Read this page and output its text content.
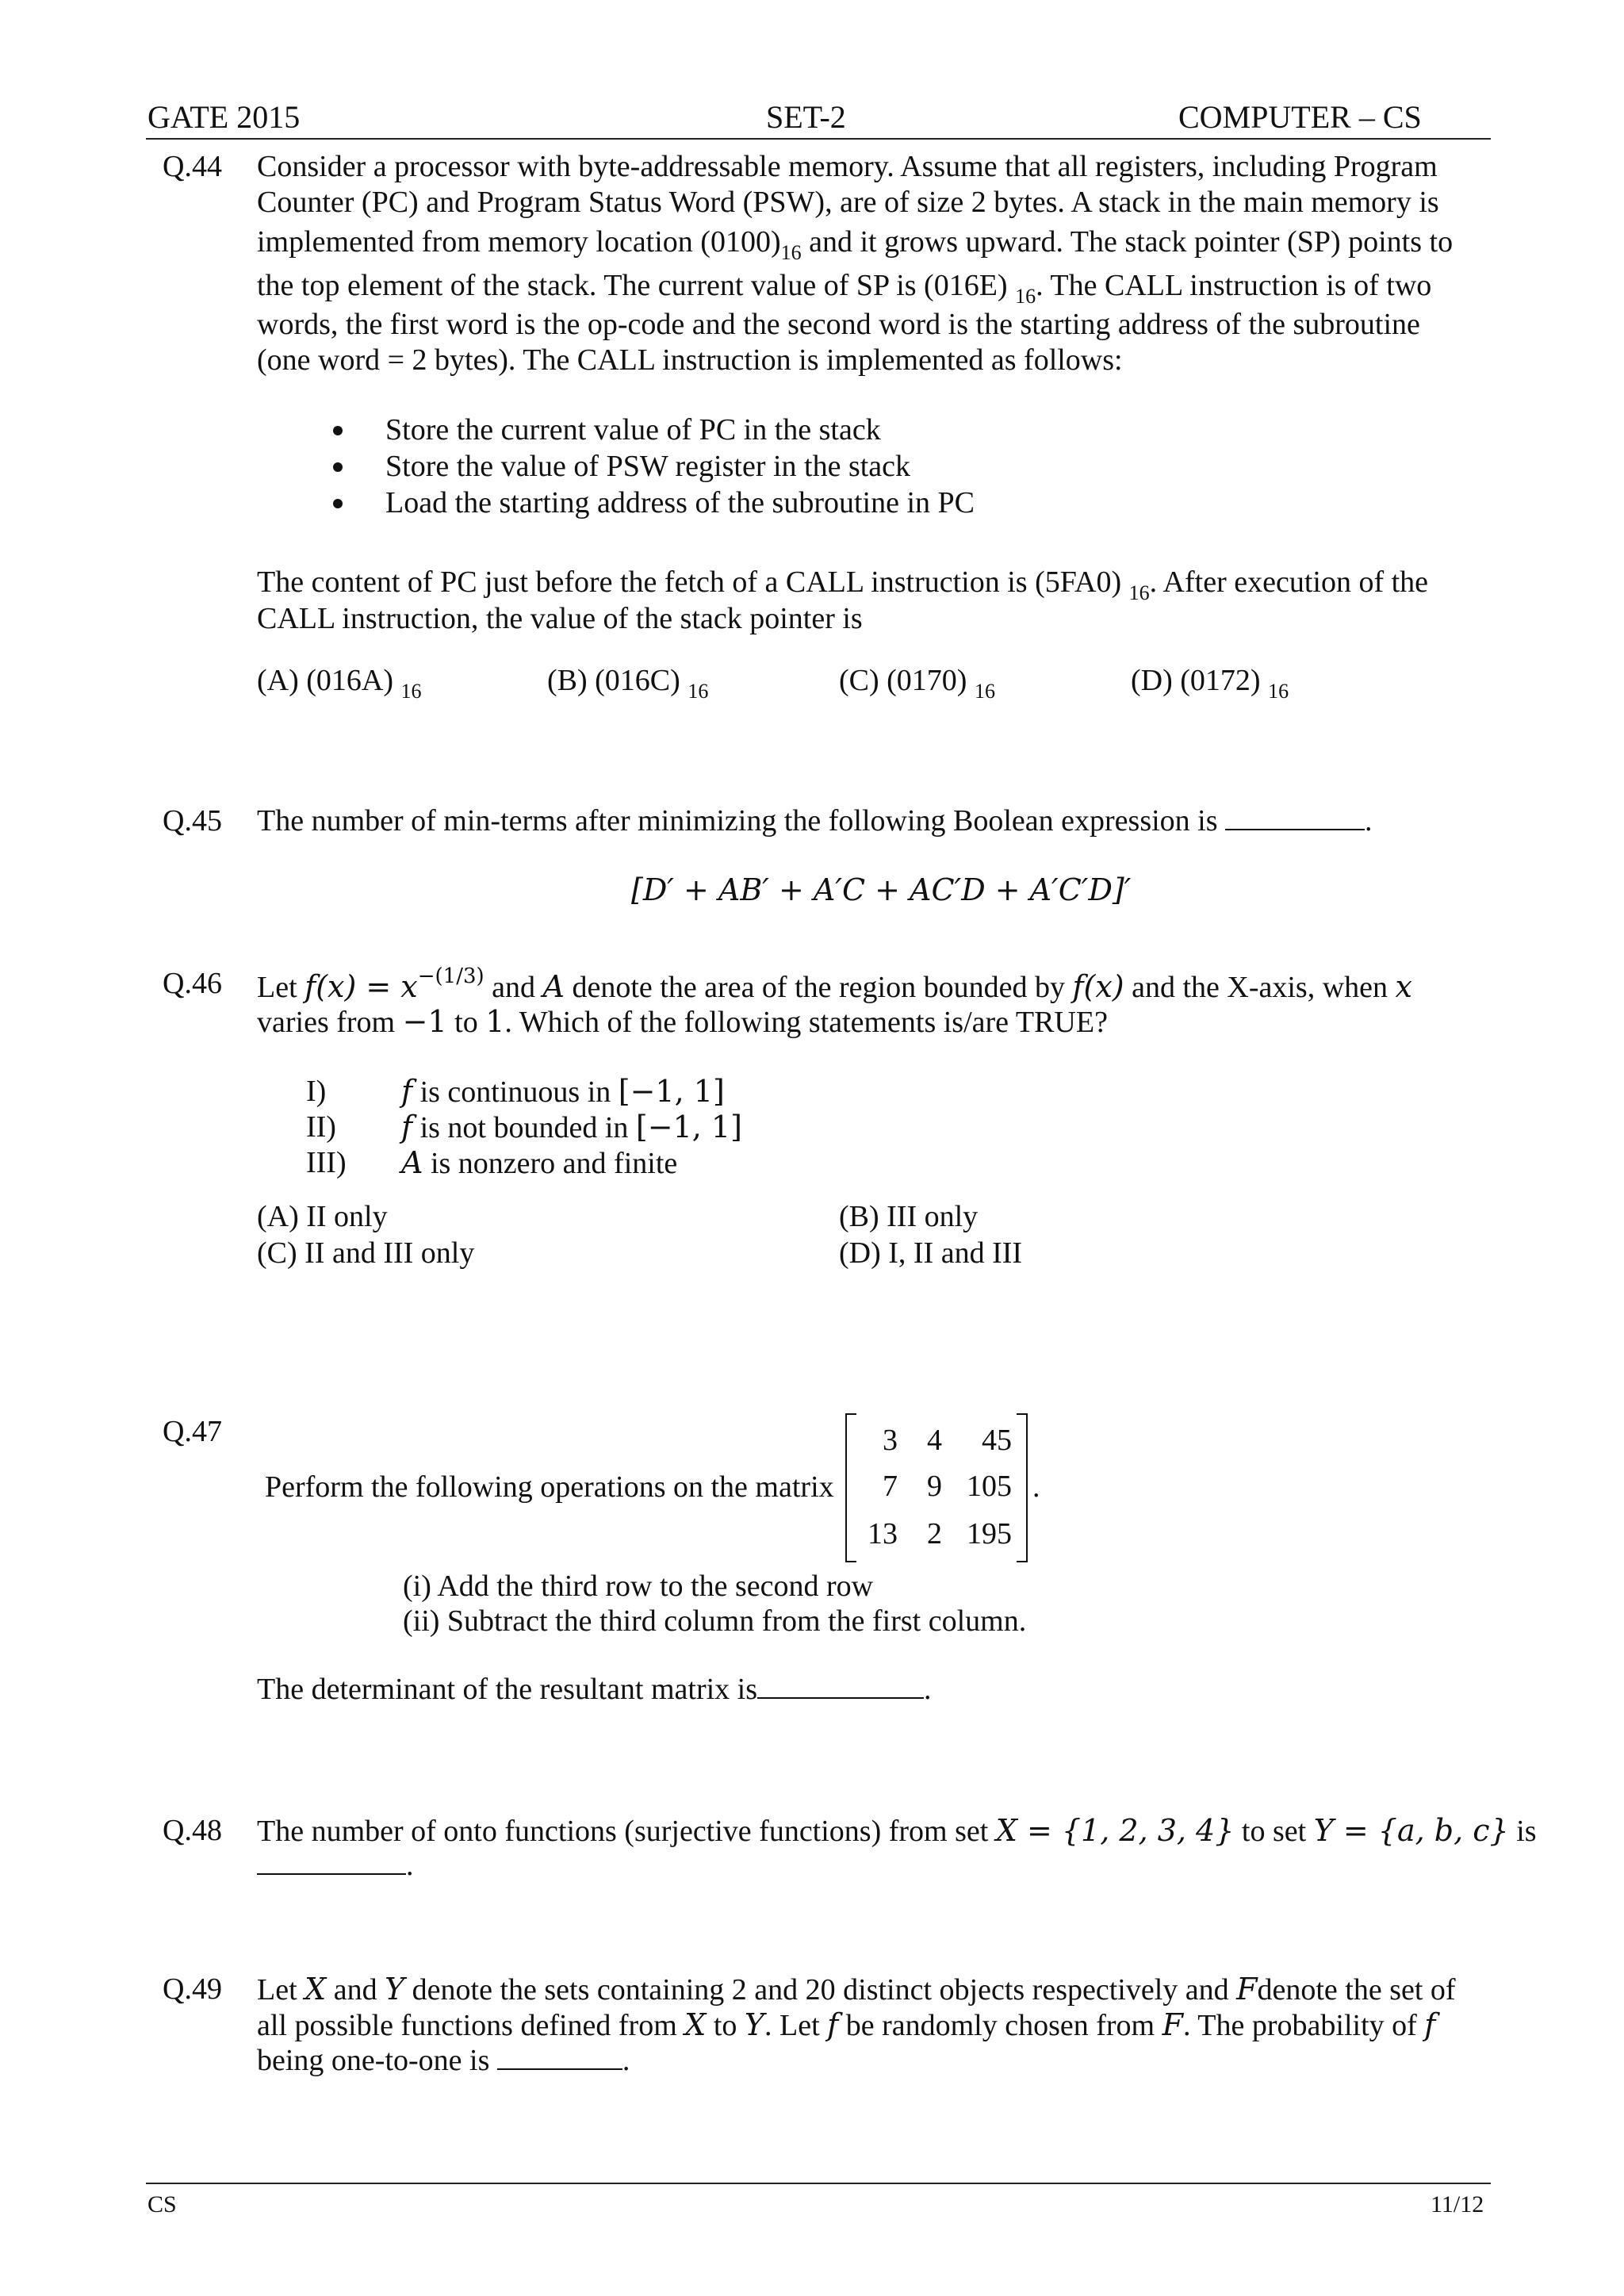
GATE 2015	SET-2	COMPUTER – CS
Q.44 Consider a processor with byte-addressable memory. Assume that all registers, including Program
Counter (PC) and Program Status Word (PSW), are of size 2 bytes. A stack in the main memory is
implemented from memory location $(0100)_{16}$ and it grows upward. The stack pointer (SP) points to
the top element of the stack. The current value of SP is (016E) $_{16}$. The CALL instruction is of two
words, the first word is the op-code and the second word is the starting address of the subroutine
(one word = 2 bytes). The CALL instruction is implemented as follows:
Store the current value of PC in the stack
Store the value of PSW register in the stack
Load the starting address of the subroutine in PC
The content of PC just before the fetch of a CALL instruction is (5FA0) $_{16}$. After execution of the
CALL instruction, the value of the stack pointer is
(A) (016A) $_{16}$	(B) (016C) $_{16}$	(C) (0170) $_{16}$	(D) (0172) $_{16}$
Q.45 The number of min-terms after minimizing the following Boolean expression is	.
[D′ + AB′ + A′C + AC′D + A′C′D]′
Q.46 Let $f(x) = x^{-(1/3)}$ and A denote the area of the region bounded by f(x) and the X-axis, when x
varies from −1 to 1. Which of the following statements is/are TRUE?
I) f is continuous in [−1, 1]
II) f is not bounded in [−1, 1]
III) A is nonzero and finite
(A) II only	(B) III only
(C) II and III only	(D) I, II and III
Q.47
Perform the following operations on the matrix
3 4	45
7 9 105
13 2 195
.
(i) Add the third row to the second row
(ii) Subtract the third column from the first column.
The determinant of the resultant matrix is	.
Q.48 The number of onto functions (surjective functions) from set X = {1, 2, 3, 4} to set Y = {a, b, c} is
.
Q.49 Let X and Y denote the sets containing 2 and 20 distinct objects respectively and Fdenote the set of
all possible functions defined from X to Y. Let f be randomly chosen from F. The probability of f
being one-to-one is	.
CS	11/12
